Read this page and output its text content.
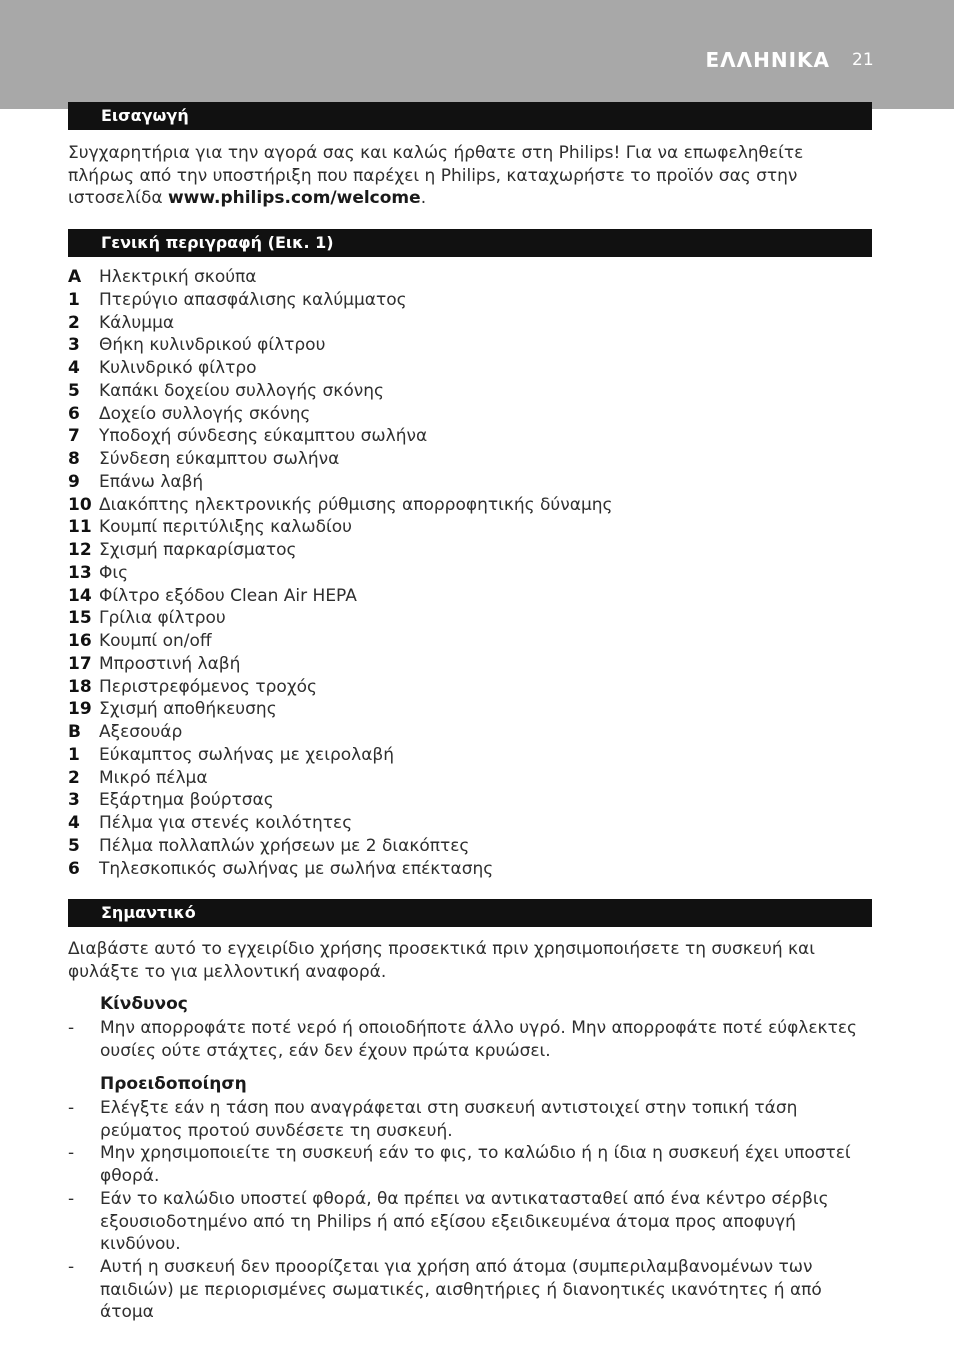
ΕΛΛΗΝΙΚΑ 21
Εισαγωγή
Συγχαρητήρια για την αγορά σας και καλώς ήρθατε στη Philips! Για να επωφεληθείτε πλήρως από την υποστήριξη που παρέχει η Philips, καταχωρήστε το προϊόν σας στην ιστοσελίδα www.philips.com/welcome.
Γενική περιγραφή (Εικ. 1)
A	Ηλεκτρική σκούπα
1	Πτερύγιο απασφάλισης καλύμματος
2	Κάλυμμα
3	Θήκη κυλινδρικού φίλτρου
4	Κυλινδρικό φίλτρο
5	Καπάκι δοχείου συλλογής σκόνης
6	Δοχείο συλλογής σκόνης
7	Υποδοχή σύνδεσης εύκαμπτου σωλήνα
8	Σύνδεση εύκαμπτου σωλήνα
9	Επάνω λαβή
10 Διακόπτης ηλεκτρονικής ρύθμισης απορροφητικής δύναμης
11 Κουμπί περιτύλιξης καλωδίου
12 Σχισμή παρκαρίσματος
13 Φις
14 Φίλτρο εξόδου Clean Air HEPA
15 Γρίλια φίλτρου
16 Κουμπί on/off
17 Μπροστινή λαβή
18 Περιστρεφόμενος τροχός
19 Σχισμή αποθήκευσης
B	Αξεσουάρ
1	Εύκαμπτος σωλήνας με χειρολαβή
2	Μικρό πέλμα
3	Εξάρτημα βούρτσας
4	Πέλμα για στενές κοιλότητες
5	Πέλμα πολλαπλών χρήσεων με 2 διακόπτες
6	Τηλεσκοπικός σωλήνας με σωλήνα επέκτασης
Σημαντικό
Διαβάστε αυτό το εγχειρίδιο χρήσης προσεκτικά πριν χρησιμοποιήσετε τη συσκευή και φυλάξτε το για μελλοντική αναφορά.
Κίνδυνος
- Μην απορροφάτε ποτέ νερό ή οποιοδήποτε άλλο υγρό. Μην απορροφάτε ποτέ εύφλεκτες ουσίες ούτε στάχτες, εάν δεν έχουν πρώτα κρυώσει.
Προειδοποίηση
- Ελέγξτε εάν η τάση που αναγράφεται στη συσκευή αντιστοιχεί στην τοπική τάση ρεύματος προτού συνδέσετε τη συσκευή.
- Μην χρησιμοποιείτε τη συσκευή εάν το φις, το καλώδιο ή η ίδια η συσκευή έχει υποστεί φθορά.
- Εάν το καλώδιο υποστεί φθορά, θα πρέπει να αντικατασταθεί από ένα κέντρο σέρβις εξουσιοδοτημένο από τη Philips ή από εξίσου εξειδικευμένα άτομα προς αποφυγή κινδύνου.
- Αυτή η συσκευή δεν προορίζεται για χρήση από άτομα (συμπεριλαμβανομένων των παιδιών) με περιορισμένες σωματικές, αισθητήριες ή διανοητικές ικανότητες ή από άτομα
